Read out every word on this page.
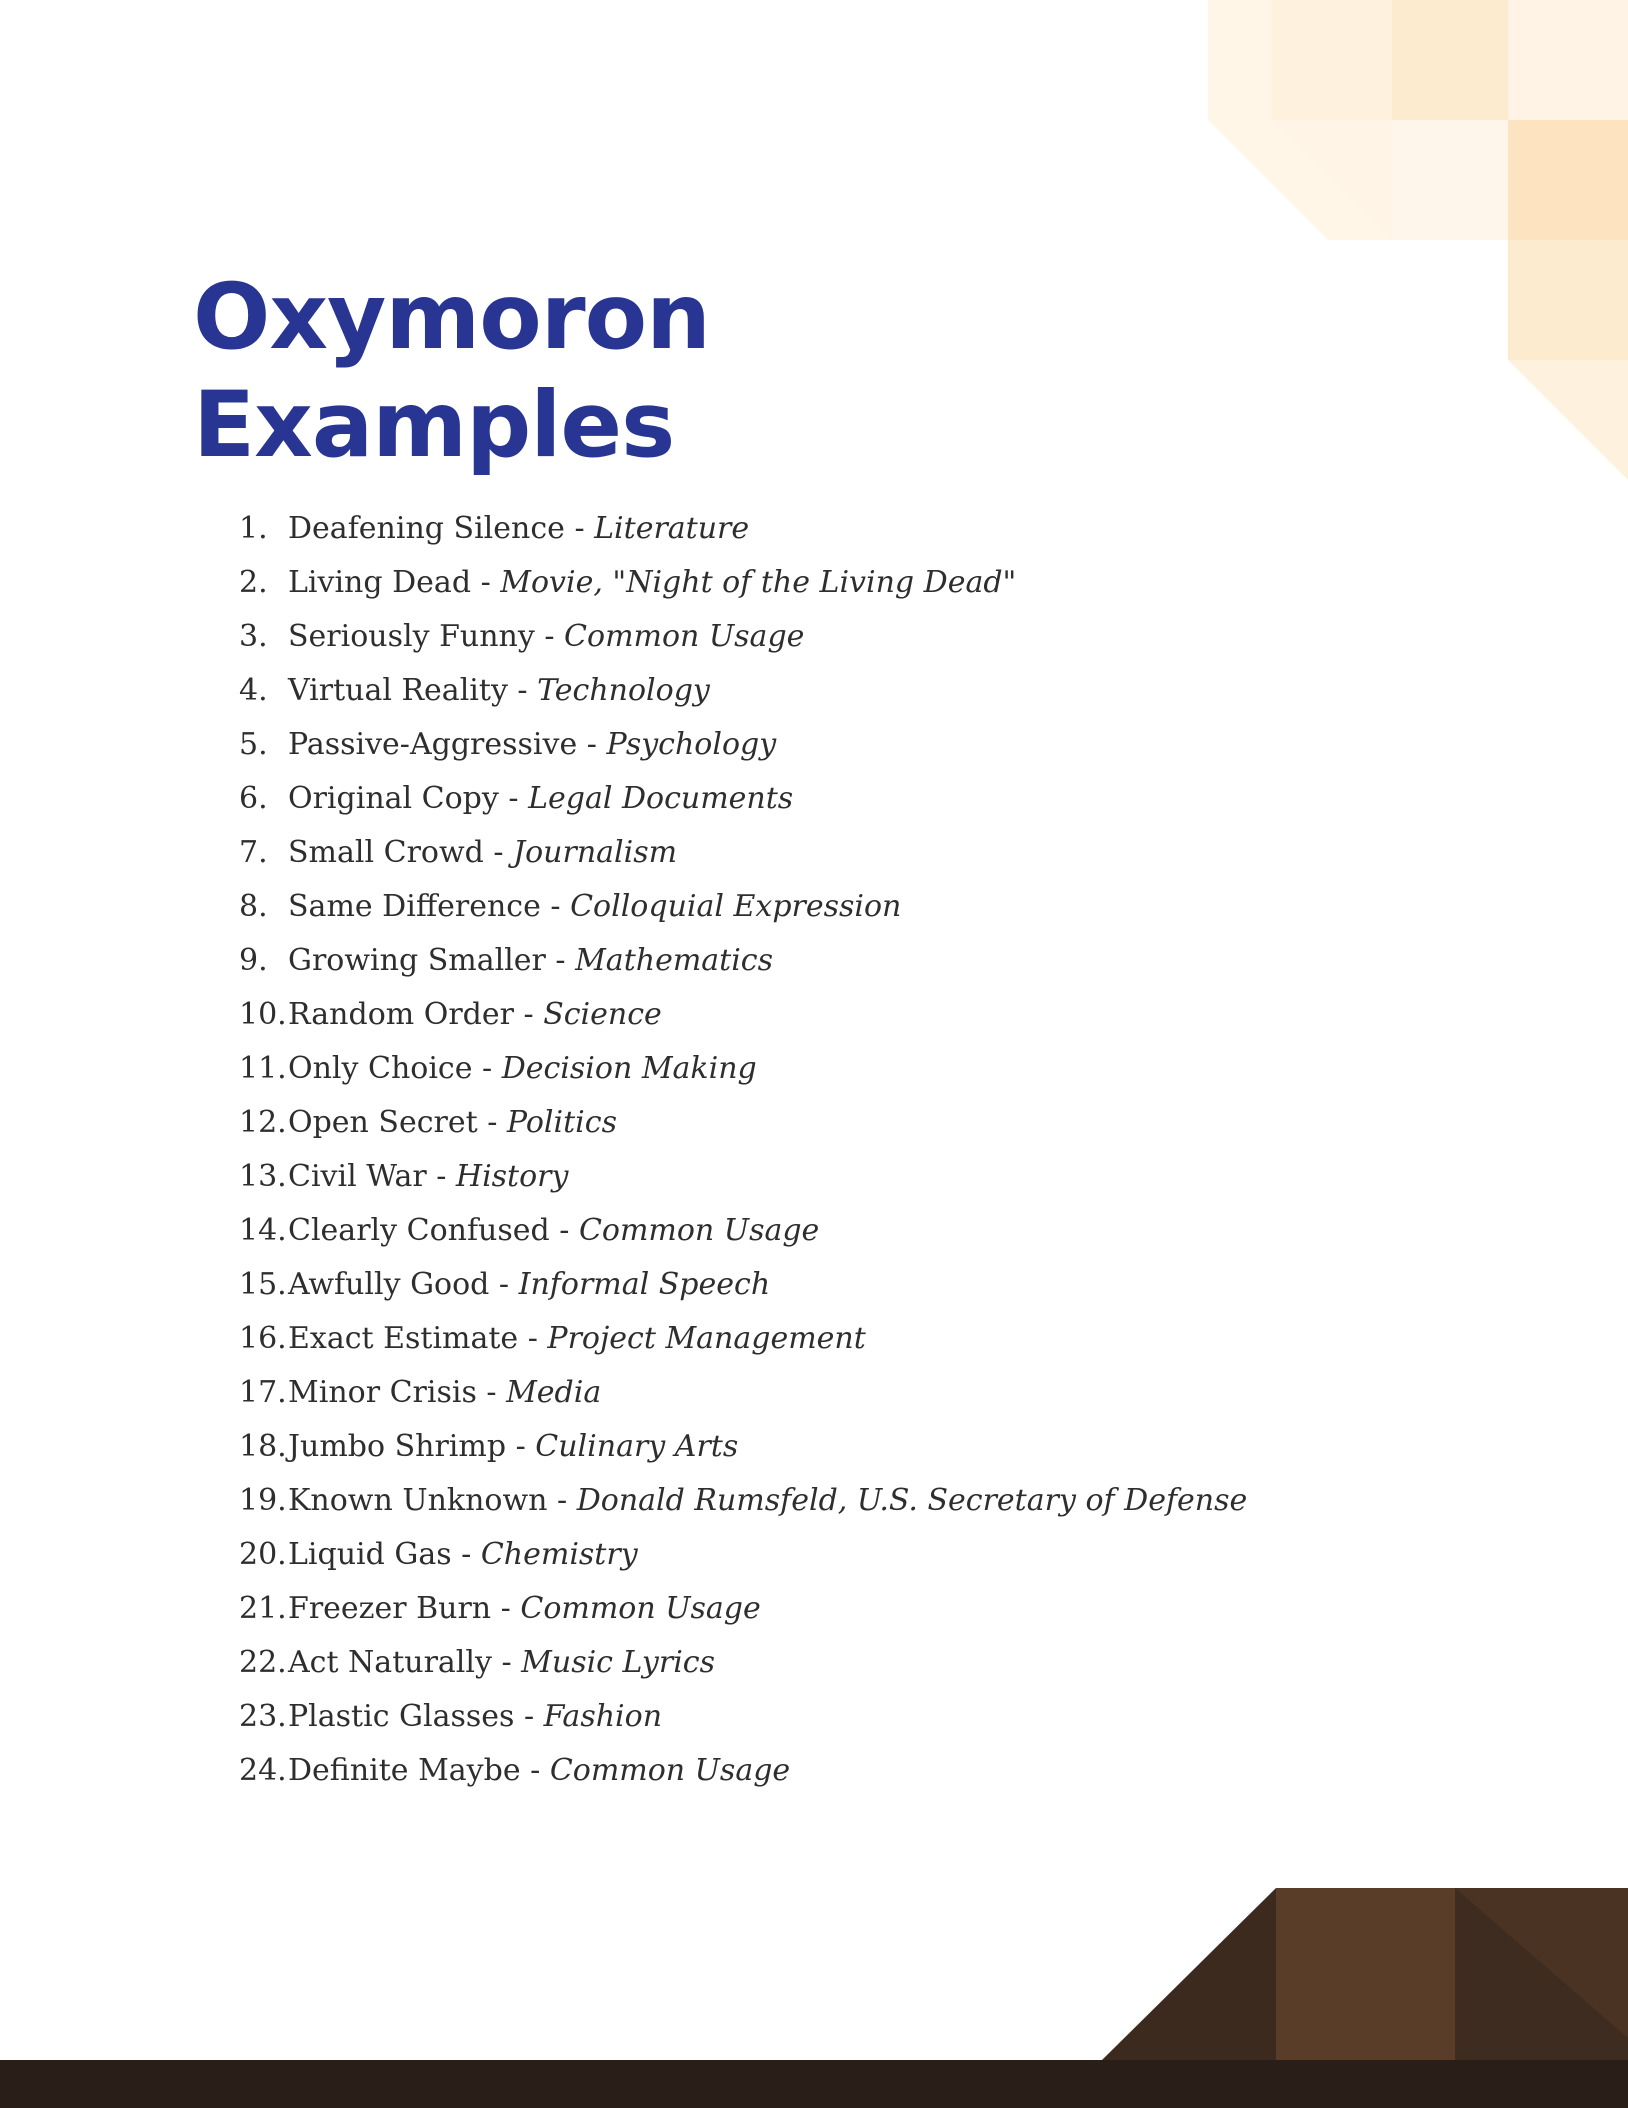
Oxymoron
Examples
1. Deafening Silence - Literature
2. Living Dead - Movie, "Night of the Living Dead"
3. Seriously Funny - Common Usage
4. Virtual Reality - Technology
5. Passive-Aggressive - Psychology
6. Original Copy - Legal Documents
7. Small Crowd - Journalism
8. Same Difference - Colloquial Expression
9. Growing Smaller - Mathematics
10.Random Order - Science
11.Only Choice - Decision Making
12.Open Secret - Politics
13.Civil War - History
14.Clearly Confused - Common Usage
15.Awfully Good - Informal Speech
16.Exact Estimate - Project Management
17.Minor Crisis - Media
18.Jumbo Shrimp - Culinary Arts
19.Known Unknown - Donald Rumsfeld, U.S. Secretary of Defense
20.Liquid Gas - Chemistry
21.Freezer Burn - Common Usage
22.Act Naturally - Music Lyrics
23.Plastic Glasses - Fashion
24.Definite Maybe - Common Usage
